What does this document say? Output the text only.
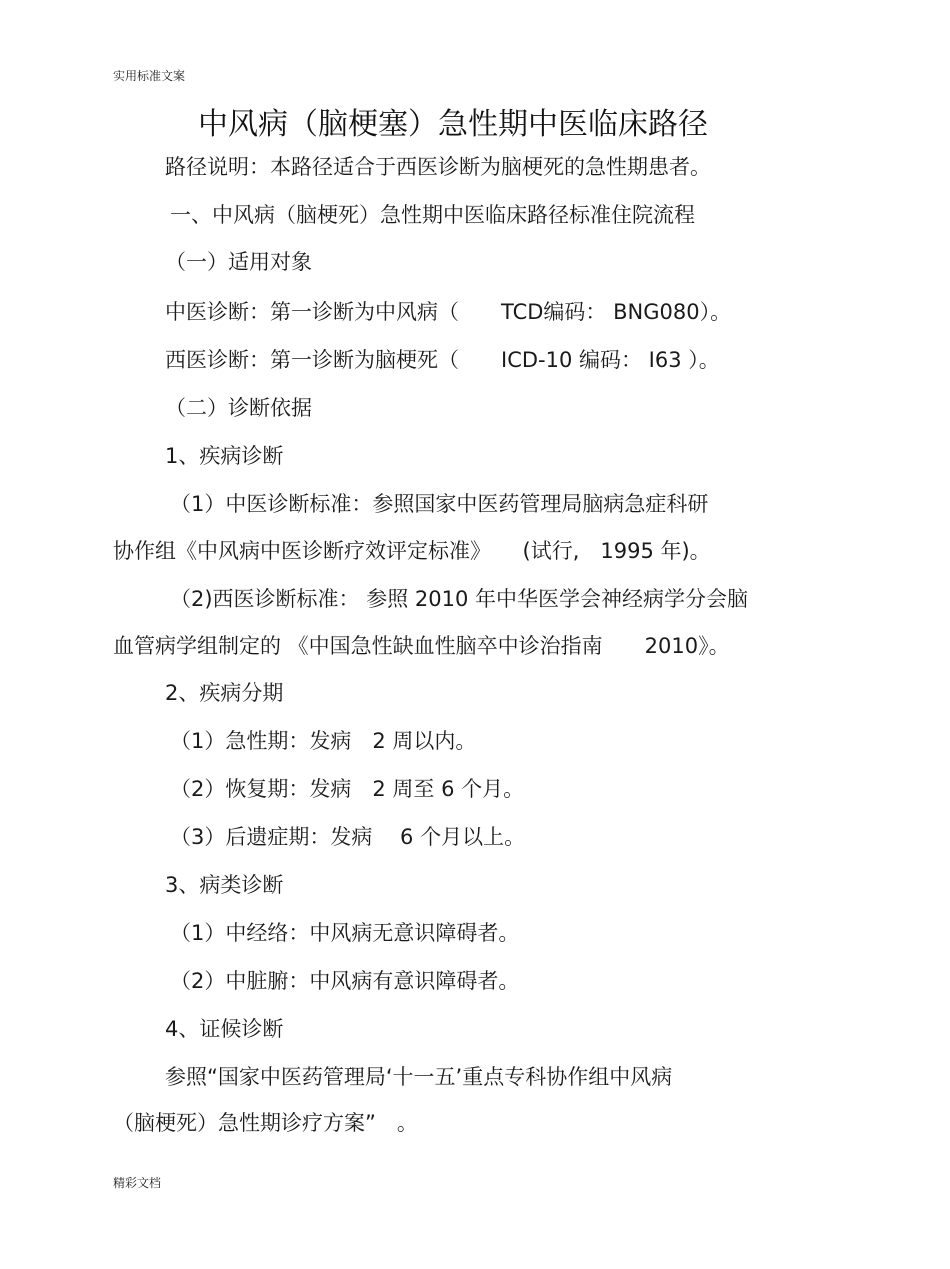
实用标准文案
中风病（脑梗塞）急性期中医临床路径
路径说明：本路径适合于西医诊断为脑梗死的急性期患者。
一、中风病（脑梗死）急性期中医临床路径标准住院流程
（一）适用对象
中医诊断：第一诊断为中风病（　　TCD编码： BNG080）。
西医诊断：第一诊断为脑梗死（　　ICD-10 编码： I63 ）。
（二）诊断依据
1、疾病诊断
（1）中医诊断标准：参照国家中医药管理局脑病急症科研
协作组《中风病中医诊断疗效评定标准》　　(试行,　1995 年)。
（2)西医诊断标准： 参照 2010 年中华医学会神经病学分会脑
血管病学组制定的 《中国急性缺血性脑卒中诊治指南　　2010》。
2、疾病分期
（1）急性期：发病　2 周以内。
（2）恢复期：发病　2 周至 6 个月。
（3）后遗症期：发病　 6 个月以上。
3、病类诊断
（1）中经络：中风病无意识障碍者。
（2）中脏腑：中风病有意识障碍者。
4、证候诊断
参照“国家中医药管理局‘十一五’重点专科协作组中风病
（脑梗死）急性期诊疗方案”　。
精彩文档
